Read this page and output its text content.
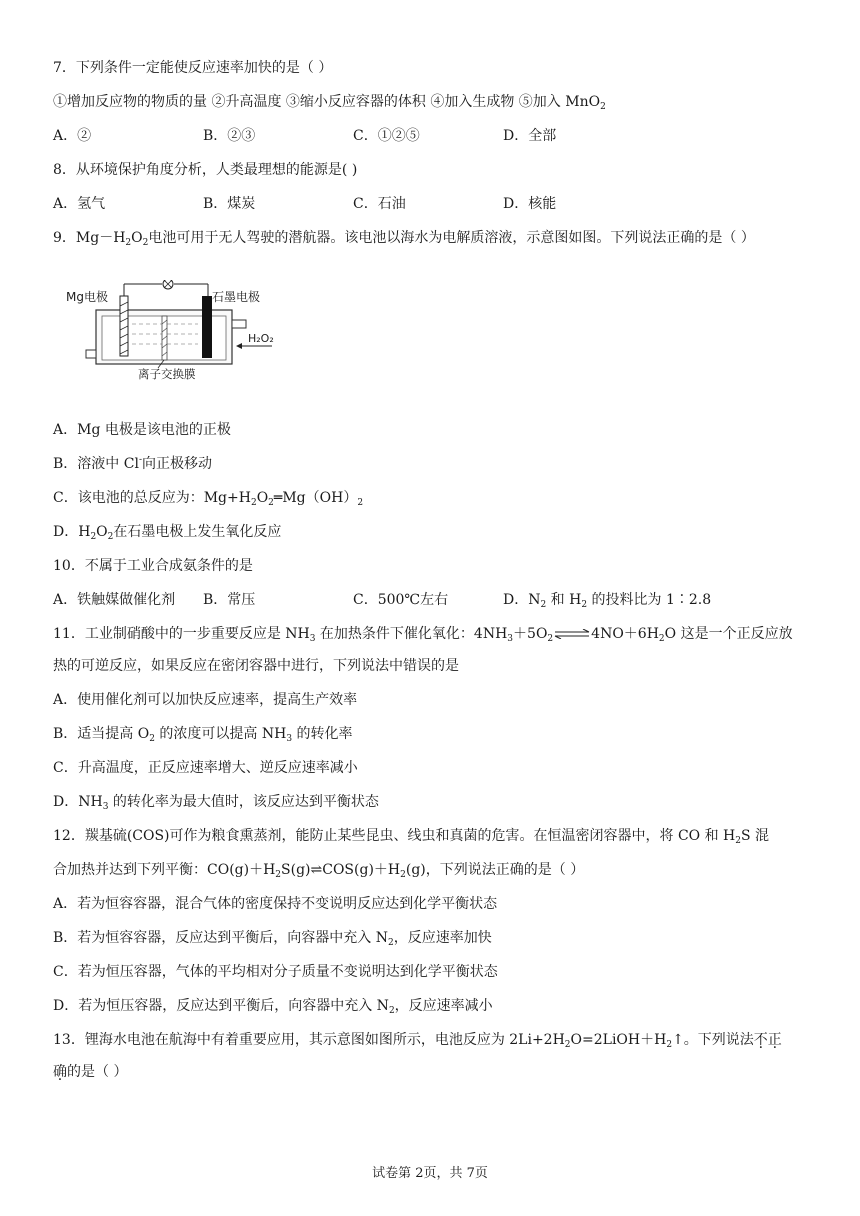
7．下列条件一定能使反应速率加快的是（ ）
①增加反应物的物质的量 ②升高温度 ③缩小反应容器的体积 ④加入生成物 ⑤加入 MnO$_2$
A．②	B．②③	C．①②⑤	D．全部
8．从环境保护角度分析，人类最理想的能源是( )
A．氢气	B．煤炭	C．石油	D．核能
9．$Mg-H_2O_2$电池可用于无人驾驶的潜航器。该电池以海水为电解质溶液，示意图如图。下列说法正确的是（ ）
Mg电极	石墨电极
离子交换膜
H₂O₂
A．Mg 电极是该电池的正极
B．溶液中 Cl-向正极移动
C．该电池的总反应为：$Mg+H_2O_2═Mg(OH)_2$
D．$H_2O_2$在石墨电极上发生氧化反应
10．不属于工业合成氨条件的是
A．铁触媒做催化剂 B．常压	C．500℃左右	D．$N_2$ 和 $H_2$ 的投料比为 1∶2.8
11．工业制硝酸中的一步重要反应是 $NH_3$ 在加热条件下催化氧化：$4NH_3+5O_2\rightleftharpoons 4NO+6H_2O$ 这是一个正反应放
热的可逆反应，如果反应在密闭容器中进行，下列说法中错误的是
A．使用催化剂可以加快反应速率，提高生产效率
B．适当提高 $O_2$ 的浓度可以提高 $NH_3$ 的转化率
C．升高温度，正反应速率增大、逆反应速率减小
D．$NH_3$ 的转化率为最大值时，该反应达到平衡状态
12．羰基硫(COS)可作为粮食熏蒸剂，能防止某些昆虫、线虫和真菌的危害。在恒温密闭容器中，将 CO 和 $H_2S$ 混
合加热并达到下列平衡：$CO(g)+H_2S(g)\rightleftharpoons COS(g)+H_2(g)$，下列说法正确的是（ ）
A．若为恒容容器，混合气体的密度保持不变说明反应达到化学平衡状态
B．若为恒容容器，反应达到平衡后，向容器中充入 $N_2$，反应速率加快
C．若为恒压容器，气体的平均相对分子质量不变说明达到化学平衡状态
D．若为恒压容器，反应达到平衡后，向容器中充入 $N_2$，反应速率减小
13．锂海水电池在航海中有着重要应用，其示意图如图所示，电池反应为 $2Li+2H_2O=2LiOH+H_2↑$。下列说法不正
确的是（ ）
试卷第 2页，共 7页
